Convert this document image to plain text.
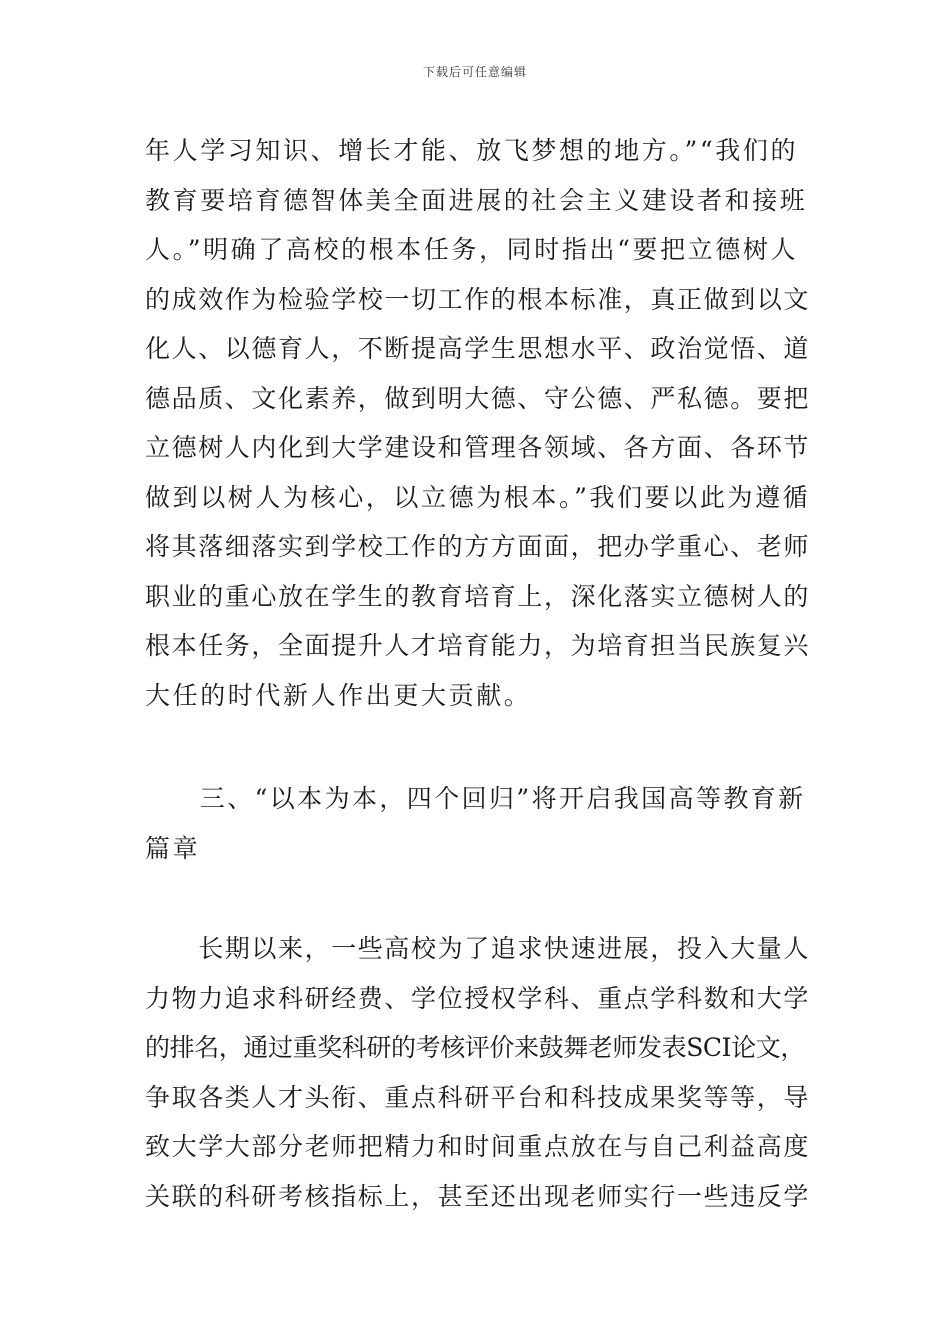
下载后可任意编辑
年人学习知识、增长才能、放飞梦想的地方。”“我们的
教育要培育德智体美全面进展的社会主义建设者和接班
人。”明确了高校的根本任务，同时指出“要把立德树人
的成效作为检验学校一切工作的根本标准，真正做到以文
化人、以德育人，不断提高学生思想水平、政治觉悟、道
德品质、文化素养，做到明大德、守公德、严私德。要把
立德树人内化到大学建设和管理各领域、各方面、各环节
做到以树人为核心，以立德为根本。”我们要以此为遵循
将其落细落实到学校工作的方方面面，把办学重心、老师
职业的重心放在学生的教育培育上，深化落实立德树人的
根本任务，全面提升人才培育能力，为培育担当民族复兴
大任的时代新人作出更大贡献。
　　三、“以本为本，四个回归”将开启我国高等教育新
篇章
　　长期以来，一些高校为了追求快速进展，投入大量人
力物力追求科研经费、学位授权学科、重点学科数和大学
的排名，通过重奖科研的考核评价来鼓舞老师发表SCI论文，
争取各类人才头衔、重点科研平台和科技成果奖等等，导
致大学大部分老师把精力和时间重点放在与自己利益高度
关联的科研考核指标上，甚至还出现老师实行一些违反学
